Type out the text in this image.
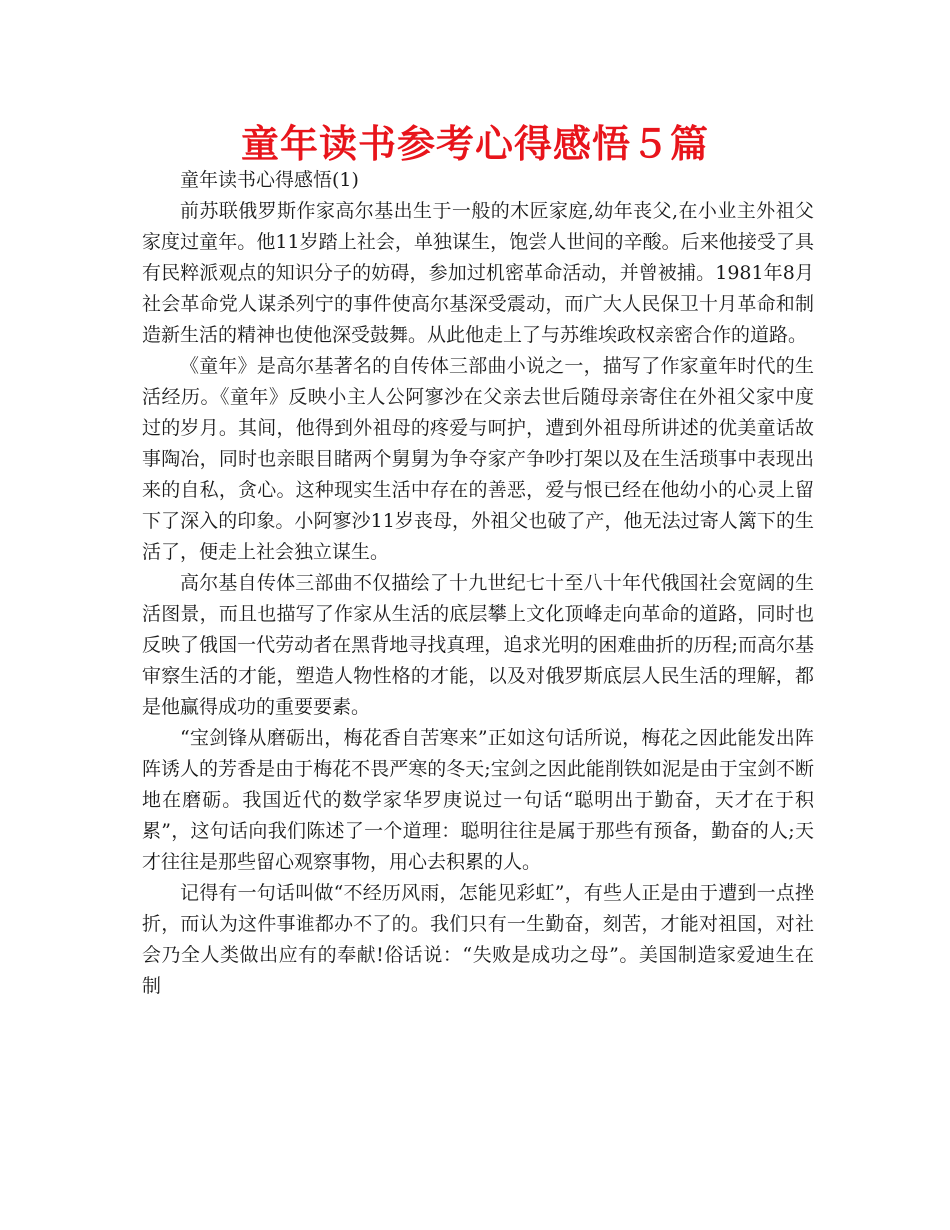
童年读书参考心得感悟５篇

童年读书心得感悟(1)

前苏联俄罗斯作家高尔基出生于一般的木匠家庭,幼年丧父,在小业主外祖父家度过童年。他11岁踏上社会，单独谋生，饱尝人世间的辛酸。后来他接受了具有民粹派观点的知识分子的妨碍，参加过机密革命活动，并曾被捕。1981年8月社会革命党人谋杀列宁的事件使高尔基深受震动，而广大人民保卫十月革命和制造新生活的精神也使他深受鼓舞。从此他走上了与苏维埃政权亲密合作的道路。

《童年》是高尔基著名的自传体三部曲小说之一，描写了作家童年时代的生活经历。《童年》反映小主人公阿寥沙在父亲去世后随母亲寄住在外祖父家中度过的岁月。其间，他得到外祖母的疼爱与呵护，遭到外祖母所讲述的优美童话故事陶冶，同时也亲眼目睹两个舅舅为争夺家产争吵打架以及在生活琐事中表现出来的自私，贪心。这种现实生活中存在的善恶，爱与恨已经在他幼小的心灵上留下了深入的印象。小阿寥沙11岁丧母，外祖父也破了产，他无法过寄人篱下的生活了，便走上社会独立谋生。

高尔基自传体三部曲不仅描绘了十九世纪七十至八十年代俄国社会宽阔的生活图景，而且也描写了作家从生活的底层攀上文化顶峰走向革命的道路，同时也反映了俄国一代劳动者在黑背地寻找真理，追求光明的困难曲折的历程;而高尔基审察生活的才能，塑造人物性格的才能，以及对俄罗斯底层人民生活的理解，都是他赢得成功的重要要素。

“宝剑锋从磨砺出，梅花香自苦寒来”正如这句话所说，梅花之因此能发出阵阵诱人的芳香是由于梅花不畏严寒的冬天;宝剑之因此能削铁如泥是由于宝剑不断地在磨砺。我国近代的数学家华罗庚说过一句话“聪明出于勤奋，天才在于积累”，这句话向我们陈述了一个道理：聪明往往是属于那些有预备，勤奋的人;天才往往是那些留心观察事物，用心去积累的人。

记得有一句话叫做“不经历风雨，怎能见彩虹”，有些人正是由于遭到一点挫折，而认为这件事谁都办不了的。我们只有一生勤奋，刻苦，才能对祖国，对社会乃全人类做出应有的奉献!俗话说：“失败是成功之母”。美国制造家爱迪生在制
